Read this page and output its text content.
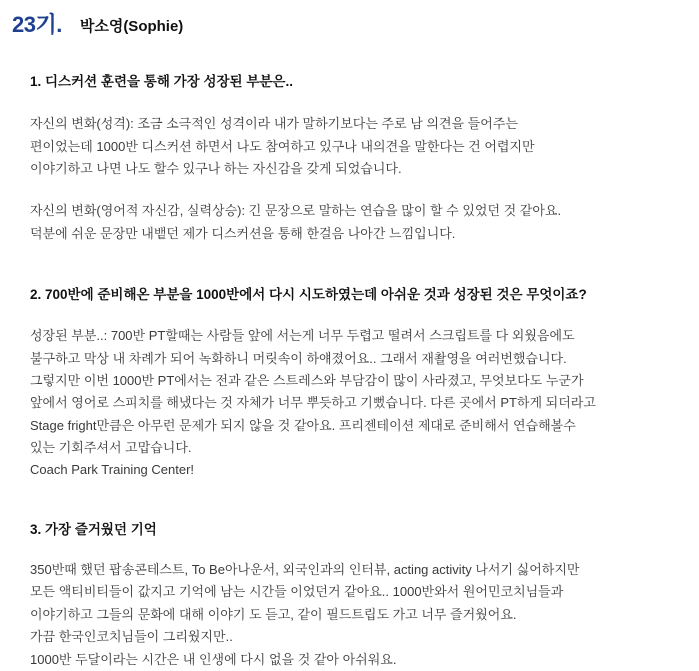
23기. 박소영(Sophie)

1. 디스커션 훈련을 통해 가장 성장된 부분은..

자신의 변화(성격): 조금 소극적인 성격이라 내가 말하기보다는 주로 남 의견을 들어주는
편이었는데 1000반 디스커션 하면서 나도 참여하고 있구나 내의견을 말한다는 건 어렵지만
이야기하고 나면 나도 할수 있구나 하는 자신감을 갖게 되었습니다.

자신의 변화(영어적 자신감, 실력상승): 긴 문장으로 말하는 연습을 많이 할 수 있었던 것 같아요.
덕분에 쉬운 문장만 내뱉던 제가 디스커션을 통해 한걸음 나아간 느낌입니다.

2. 700반에 준비해온 부분을 1000반에서 다시 시도하였는데 아쉬운 것과 성장된 것은 무엇이죠?

성장된 부분..: 700반 PT할때는 사람들 앞에 서는게 너무 두렵고 떨려서 스크립트를 다 외웠음에도
불구하고 막상 내 차례가 되어 녹화하니 머릿속이 하얘졌어요.. 그래서 재촬영을 여러번했습니다.
그렇지만 이번 1000반 PT에서는 전과 같은 스트레스와 부담감이 많이 사라졌고, 무엇보다도 누군가
앞에서 영어로 스피치를 해냈다는 것 자체가 너무 뿌듯하고 기뻤습니다. 다른 곳에서 PT하게 되더라고
Stage fright만큼은 아무런 문제가 되지 않을 것 같아요. 프리젠테이션 제대로 준비해서 연습해볼수
있는 기회주셔서 고맙습니다.
Coach Park Training Center!

3. 가장 즐거웠던 기억

350반때 했던 팝송콘테스트, To Be아나운서, 외국인과의 인터뷰, acting activity 나서기 싫어하지만
모든 액티비티들이 값지고 기억에 남는 시간들 이었던거 같아요.. 1000반와서 원어민코치님들과
이야기하고 그들의 문화에 대해 이야기 도 듣고, 같이 필드트립도 가고 너무 즐거웠어요.
가끔 한국인코치님들이 그리웠지만..
1000반 두달이라는 시간은 내 인생에 다시 없을 것 같아 아쉬워요.
